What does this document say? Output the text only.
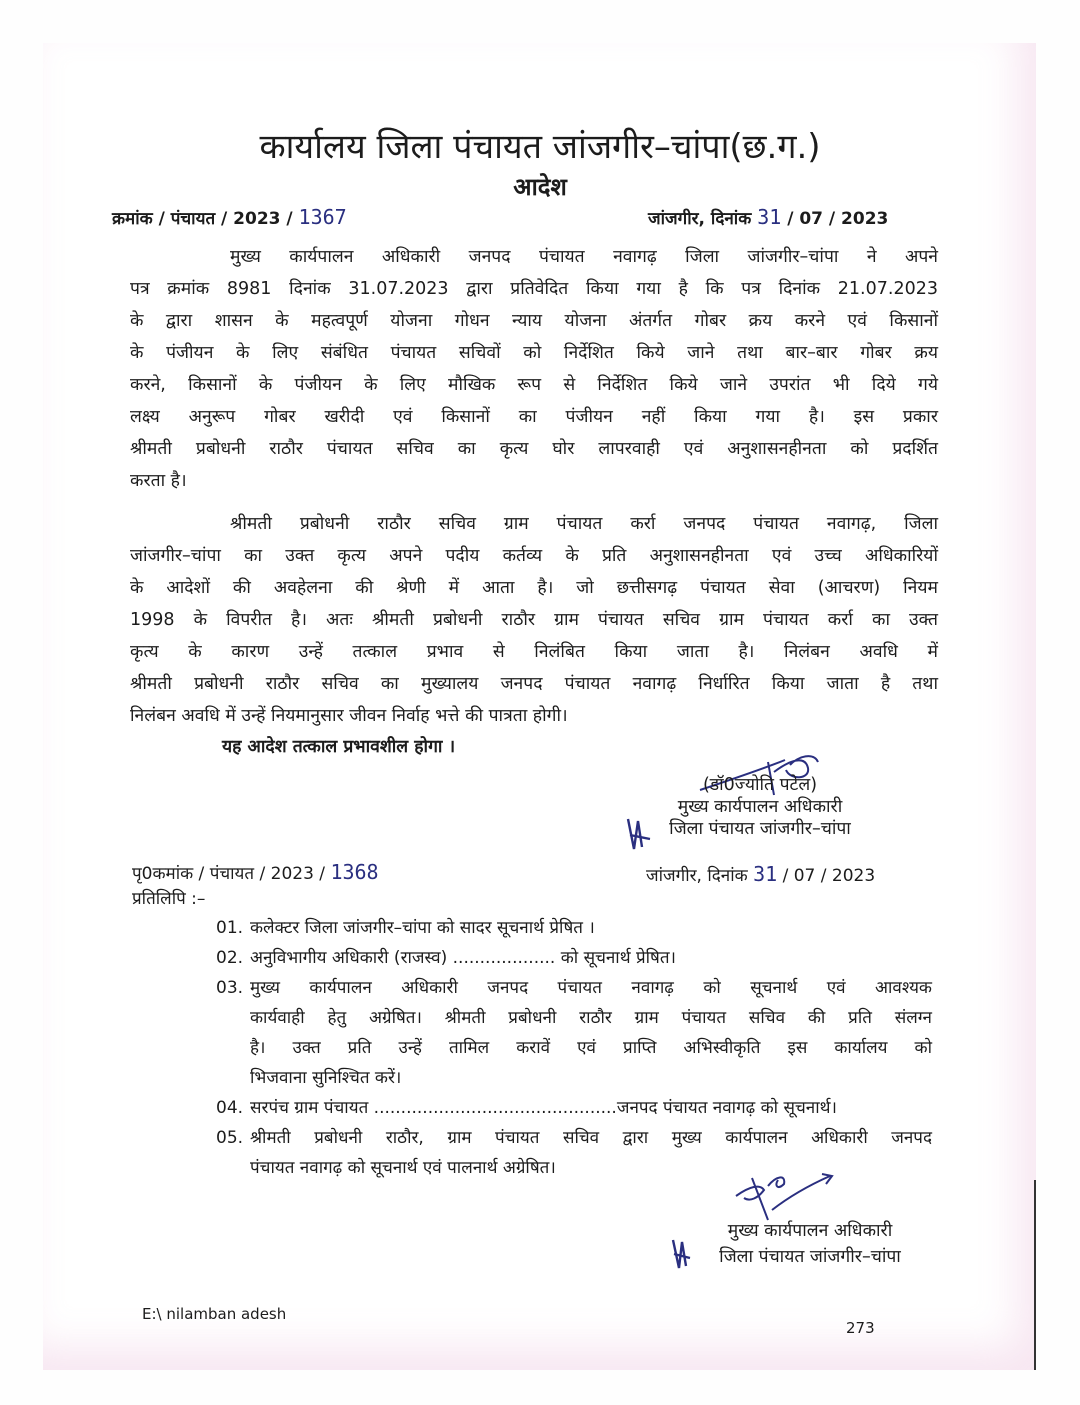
कार्यालय जिला पंचायत जांजगीर–चांपा(छ.ग.)
आदेश
क्रमांक / पंचायत / 2023 / 1367	जांजगीर, दिनांक 31 / 07 / 2023
मुख्य कार्यपालन अधिकारी जनपद पंचायत नवागढ़ जिला जांजगीर–चांपा ने अपने
पत्र क्रमांक 8981 दिनांक 31.07.2023 द्वारा प्रतिवेदित किया गया है कि पत्र दिनांक 21.07.2023
के द्वारा शासन के महत्वपूर्ण योजना गोधन न्याय योजना अंतर्गत गोबर क्रय करने एवं किसानों
के पंजीयन के लिए संबंधित पंचायत सचिवों को निर्देशित किये जाने तथा बार–बार गोबर क्रय
करने, किसानों के पंजीयन के लिए मौखिक रूप से निर्देशित किये जाने उपरांत भी दिये गये
लक्ष्य अनुरूप गोबर खरीदी एवं किसानों का पंजीयन नहीं किया गया है। इस प्रकार
श्रीमती प्रबोधनी राठौर पंचायत सचिव का कृत्य घोर लापरवाही एवं अनुशासनहीनता को प्रदर्शित
करता है।
श्रीमती प्रबोधनी राठौर सचिव ग्राम पंचायत कर्रा जनपद पंचायत नवागढ़, जिला
जांजगीर–चांपा का उक्त कृत्य अपने पदीय कर्तव्य के प्रति अनुशासनहीनता एवं उच्च अधिकारियों
के आदेशों की अवहेलना की श्रेणी में आता है। जो छत्तीसगढ़ पंचायत सेवा (आचरण) नियम
1998 के विपरीत है। अतः श्रीमती प्रबोधनी राठौर ग्राम पंचायत सचिव ग्राम पंचायत कर्रा का उक्त
कृत्य के कारण उन्हें तत्काल प्रभाव से निलंबित किया जाता है। निलंबन अवधि में
श्रीमती प्रबोधनी राठौर सचिव का मुख्यालय जनपद पंचायत नवागढ़ निर्धारित किया जाता है तथा
निलंबन अवधि में उन्हें नियमानुसार जीवन निर्वाह भत्ते की पात्रता होगी।
यह आदेश तत्काल प्रभावशील होगा ।
(डॉ0ज्योति पटेल)
मुख्य कार्यपालन अधिकारी
जिला पंचायत जांजगीर–चांपा
पृ0कमांक / पंचायत / 2023 / 1368	जांजगीर, दिनांक 31 / 07 / 2023
प्रतिलिपि :–
01. कलेक्टर जिला जांजगीर–चांपा को सादर सूचनार्थ प्रेषित ।
02. अनुविभागीय अधिकारी (राजस्व) ................... को सूचनार्थ प्रेषित।
03. मुख्य कार्यपालन अधिकारी जनपद पंचायत नवागढ़ को सूचनार्थ एवं आवश्यक
कार्यवाही हेतु अग्रेषित। श्रीमती प्रबोधनी राठौर ग्राम पंचायत सचिव की प्रति संलग्न
है। उक्त प्रति उन्हें तामिल करावें एवं प्राप्ति अभिस्वीकृति इस कार्यालय को
भिजवाना सुनिश्चित करें।
04. सरपंच ग्राम पंचायत .............................................जनपद पंचायत नवागढ़ को सूचनार्थ।
05. श्रीमती प्रबोधनी राठौर, ग्राम पंचायत सचिव द्वारा मुख्य कार्यपालन अधिकारी जनपद
पंचायत नवागढ़ को सूचनार्थ एवं पालनार्थ अग्रेषित।
मुख्य कार्यपालन अधिकारी
जिला पंचायत जांजगीर–चांपा
E:\ nilamban adesh
273
